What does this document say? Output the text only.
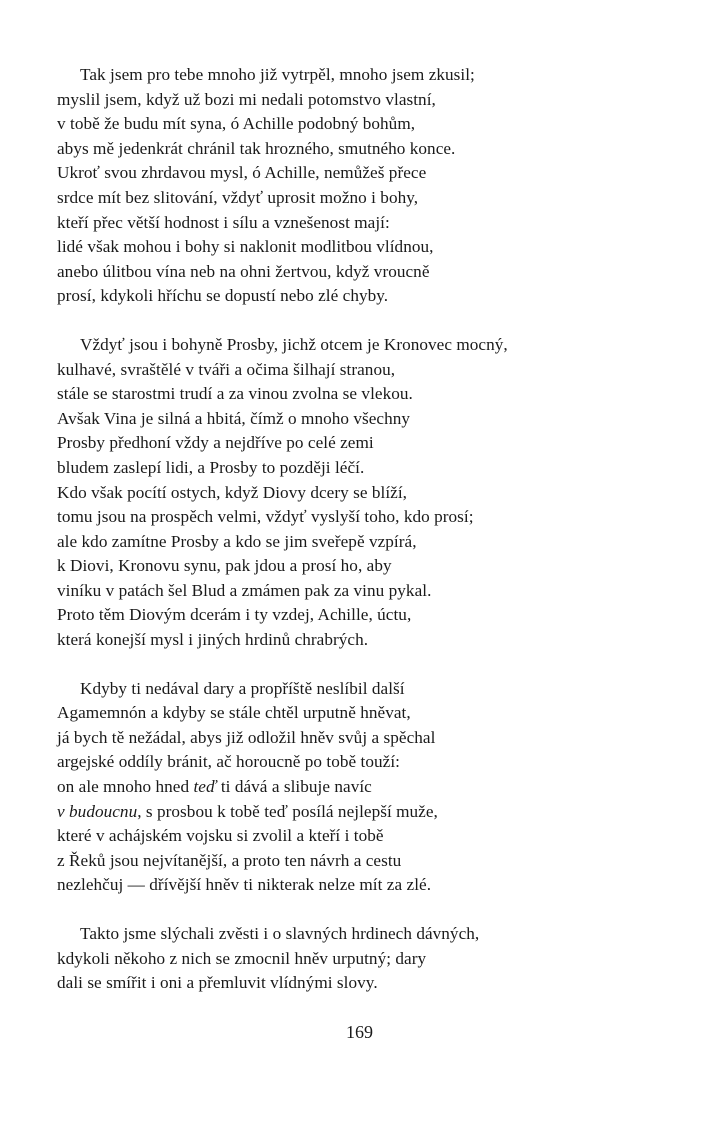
Tak jsem pro tebe mnoho již vytrpěl, mnoho jsem zkusil;
myslil jsem, když už bozi mi nedali potomstvo vlastní,
v tobě že budu mít syna, ó Achille podobný bohům,
abys mě jedenkrát chránil tak hrozného, smutného konce.
Ukroť svou zhrdavou mysl, ó Achille, nemůžeš přece
srdce mít bez slitování, vždyť uprosit možno i bohy,
kteří přec větší hodnost i sílu a vznešenost mají:
lidé však mohou i bohy si naklonit modlitbou vlídnou,
anebo úlitbou vína neb na ohni žertvou, když vroucně
prosí, kdykoli hříchu se dopustí nebo zlé chyby.
Vždyť jsou i bohyně Prosby, jichž otcem je Kronovec mocný,
kulhavé, svraštělé v tváři a očima šilhají stranou,
stále se starostmi trudí a za vinou zvolna se vlekou.
Avšak Vina je silná a hbitá, čímž o mnoho všechny
Prosby předhoní vždy a nejdříve po celé zemi
bludem zaslepí lidi, a Prosby to později léčí.
Kdo však pocítí ostych, když Diovy dcery se blíží,
tomu jsou na prospěch velmi, vždyť vyslyší toho, kdo prosí;
ale kdo zamítne Prosby a kdo se jim sveřepě vzpírá,
k Diovi, Kronovu synu, pak jdou a prosí ho, aby
viníku v patách šel Blud a zmámen pak za vinu pykal.
Proto těm Diovým dcerám i ty vzdej, Achille, úctu,
která konejší mysl i jiných hrdinů chrabrých.
Kdyby ti nedával dary a propříště neslíbil další
Agamemnón a kdyby se stále chtěl urputně hněvat,
já bych tě nežádal, abys již odložil hněv svůj a spěchal
argejské oddíly bránit, ač horoucně po tobě touží:
on ale mnoho hned teď ti dává a slibuje navíc
v budoucnu, s prosbou k tobě teď posílá nejlepší muže,
které v achájském vojsku si zvolil a kteří i tobě
z Řeků jsou nejvítanější, a proto ten návrh a cestu
nezlehčuj — dřívější hněv ti nikterak nelze mít za zlé.
Takto jsme slýchali zvěsti i o slavných hrdinech dávných,
kdykoli někoho z nich se zmocnil hněv urputný; dary
dali se smířit i oni a přemluvit vlídnými slovy.
169
